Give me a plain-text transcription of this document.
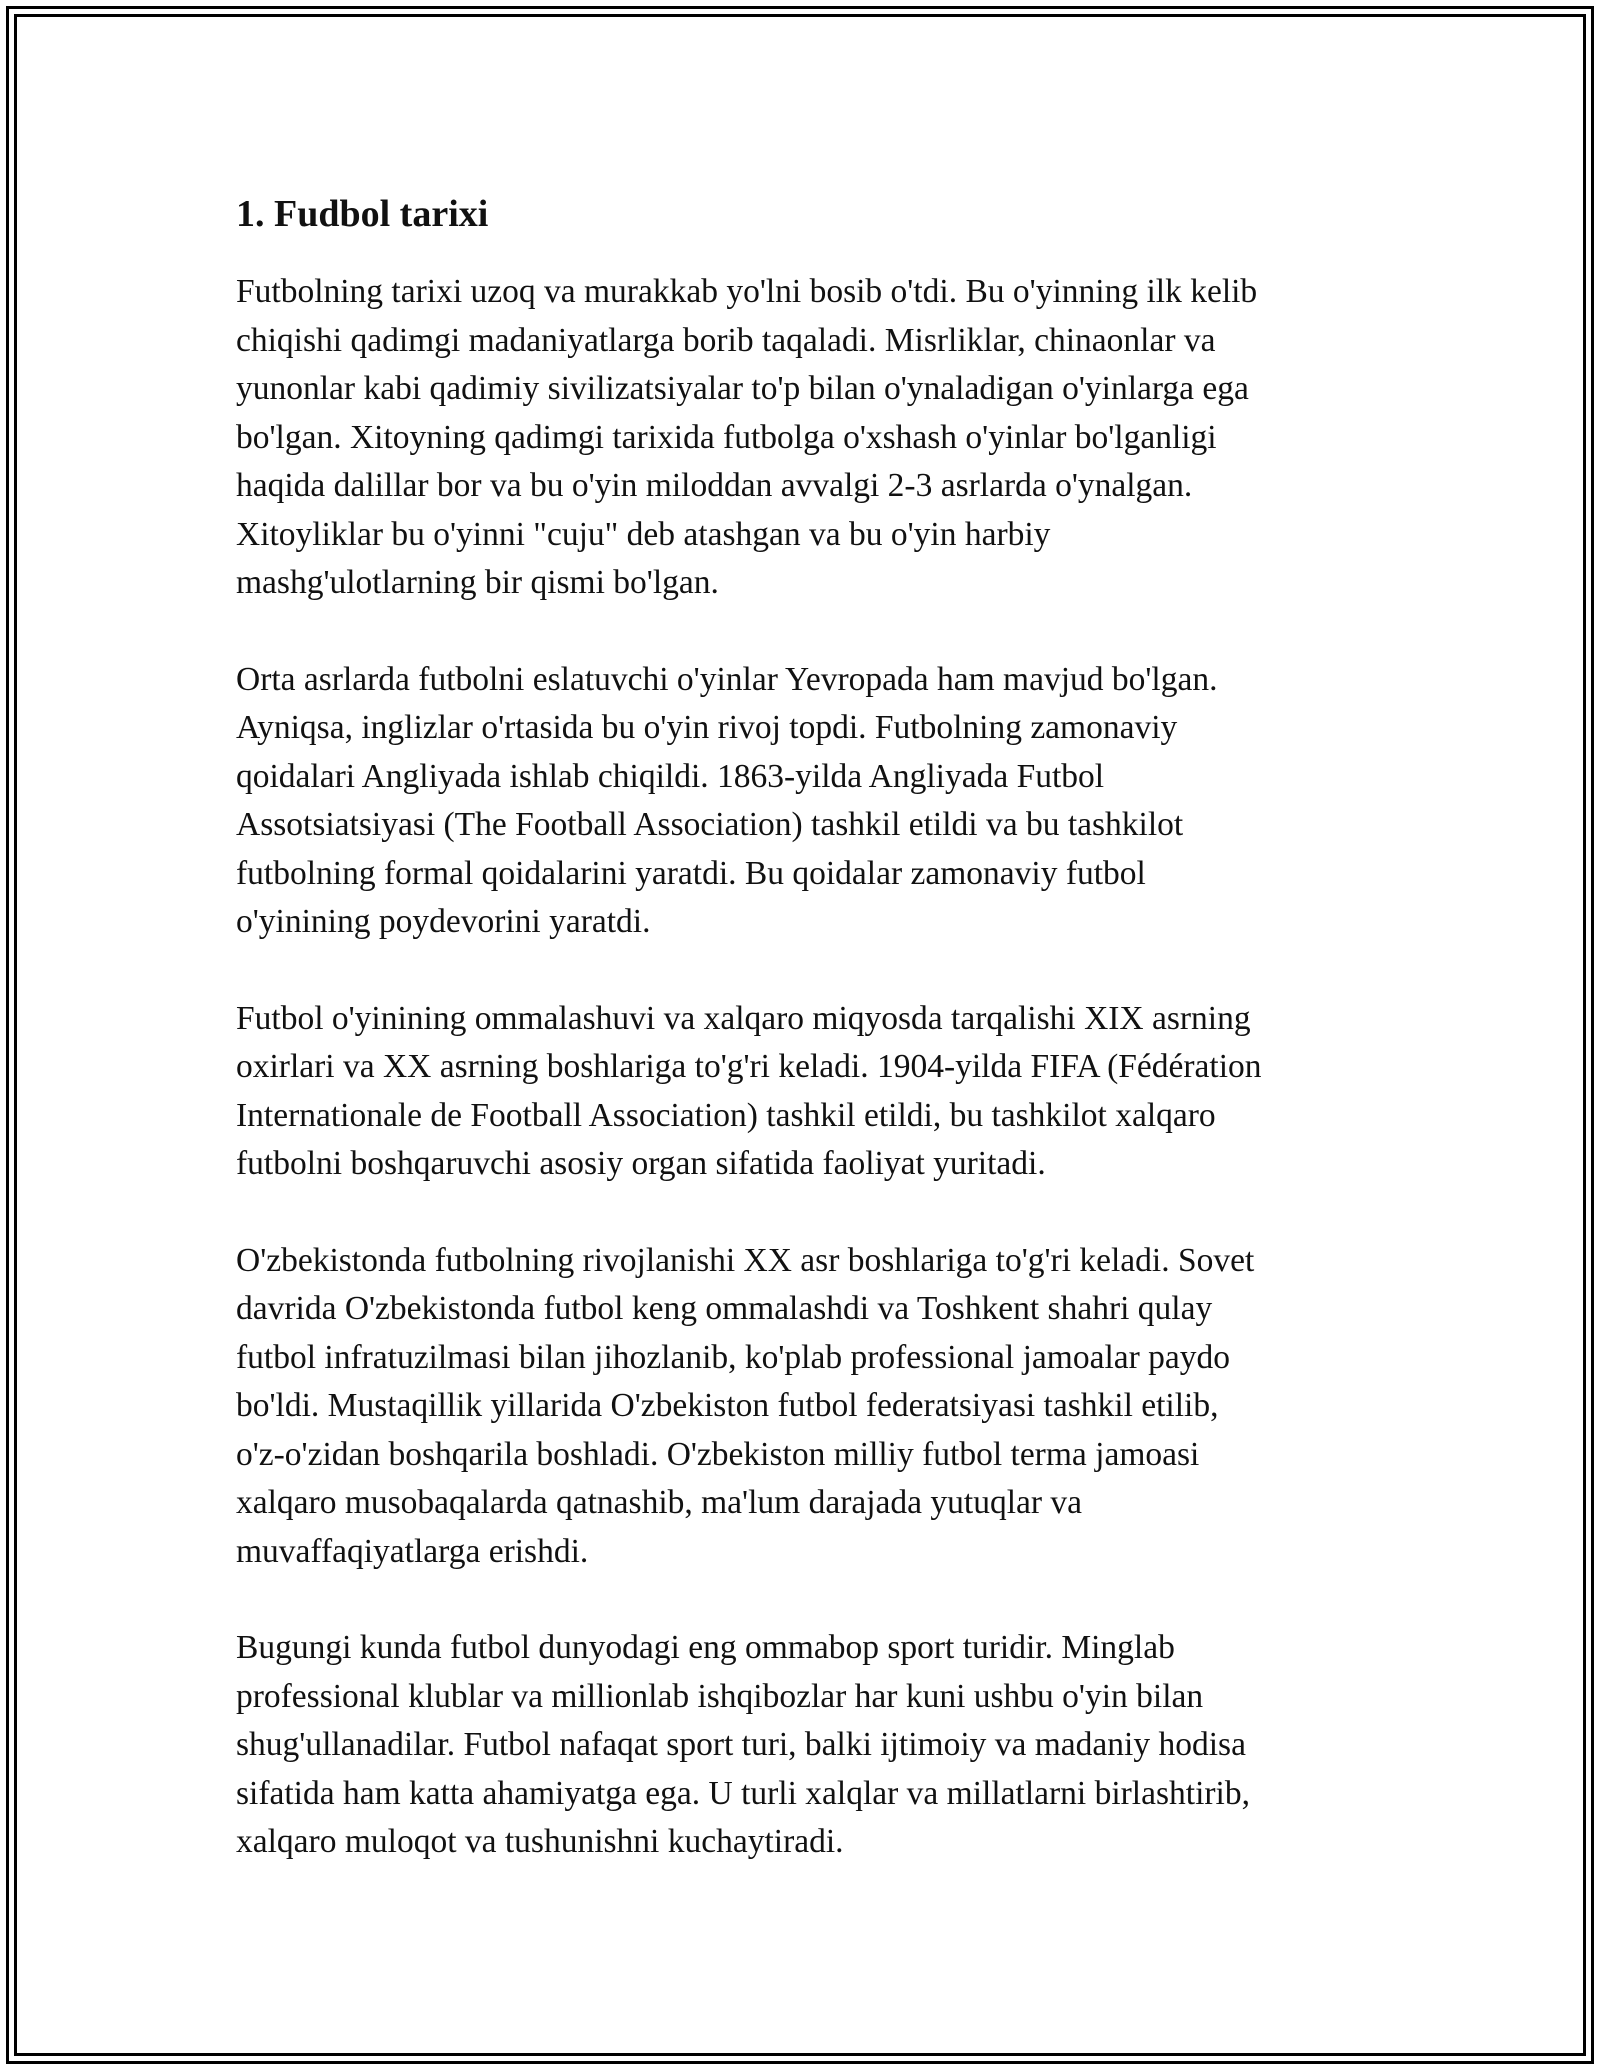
1. Fudbol tarixi

Futbolning tarixi uzoq va murakkab yo'lni bosib o'tdi. Bu o'yinning ilk kelib
chiqishi qadimgi madaniyatlarga borib taqaladi. Misrliklar, chinaonlar va
yunonlar kabi qadimiy sivilizatsiyalar to'p bilan o'ynaladigan o'yinlarga ega
bo'lgan. Xitoyning qadimgi tarixida futbolga o'xshash o'yinlar bo'lganligi
haqida dalillar bor va bu o'yin miloddan avvalgi 2-3 asrlarda o'ynalgan.
Xitoyliklar bu o'yinni "cuju" deb atashgan va bu o'yin harbiy
mashg'ulotlarning bir qismi bo'lgan.

Orta asrlarda futbolni eslatuvchi o'yinlar Yevropada ham mavjud bo'lgan.
Ayniqsa, inglizlar o'rtasida bu o'yin rivoj topdi. Futbolning zamonaviy
qoidalari Angliyada ishlab chiqildi. 1863-yilda Angliyada Futbol
Assotsiatsiyasi (The Football Association) tashkil etildi va bu tashkilot
futbolning formal qoidalarini yaratdi. Bu qoidalar zamonaviy futbol
o'yinining poydevorini yaratdi.

Futbol o'yinining ommalashuvi va xalqaro miqyosda tarqalishi XIX asrning
oxirlari va XX asrning boshlariga to'g'ri keladi. 1904-yilda FIFA (Fédération
Internationale de Football Association) tashkil etildi, bu tashkilot xalqaro
futbolni boshqaruvchi asosiy organ sifatida faoliyat yuritadi.

O'zbekistonda futbolning rivojlanishi XX asr boshlariga to'g'ri keladi. Sovet
davrida O'zbekistonda futbol keng ommalashdi va Toshkent shahri qulay
futbol infratuzilmasi bilan jihozlanib, ko'plab professional jamoalar paydo
bo'ldi. Mustaqillik yillarida O'zbekiston futbol federatsiyasi tashkil etilib,
o'z-o'zidan boshqarila boshladi. O'zbekiston milliy futbol terma jamoasi
xalqaro musobaqalarda qatnashib, ma'lum darajada yutuqlar va
muvaffaqiyatlarga erishdi.

Bugungi kunda futbol dunyodagi eng ommabop sport turidir. Minglab
professional klublar va millionlab ishqibozlar har kuni ushbu o'yin bilan
shug'ullanadilar. Futbol nafaqat sport turi, balki ijtimoiy va madaniy hodisa
sifatida ham katta ahamiyatga ega. U turli xalqlar va millatlarni birlashtirib,
xalqaro muloqot va tushunishni kuchaytiradi.
